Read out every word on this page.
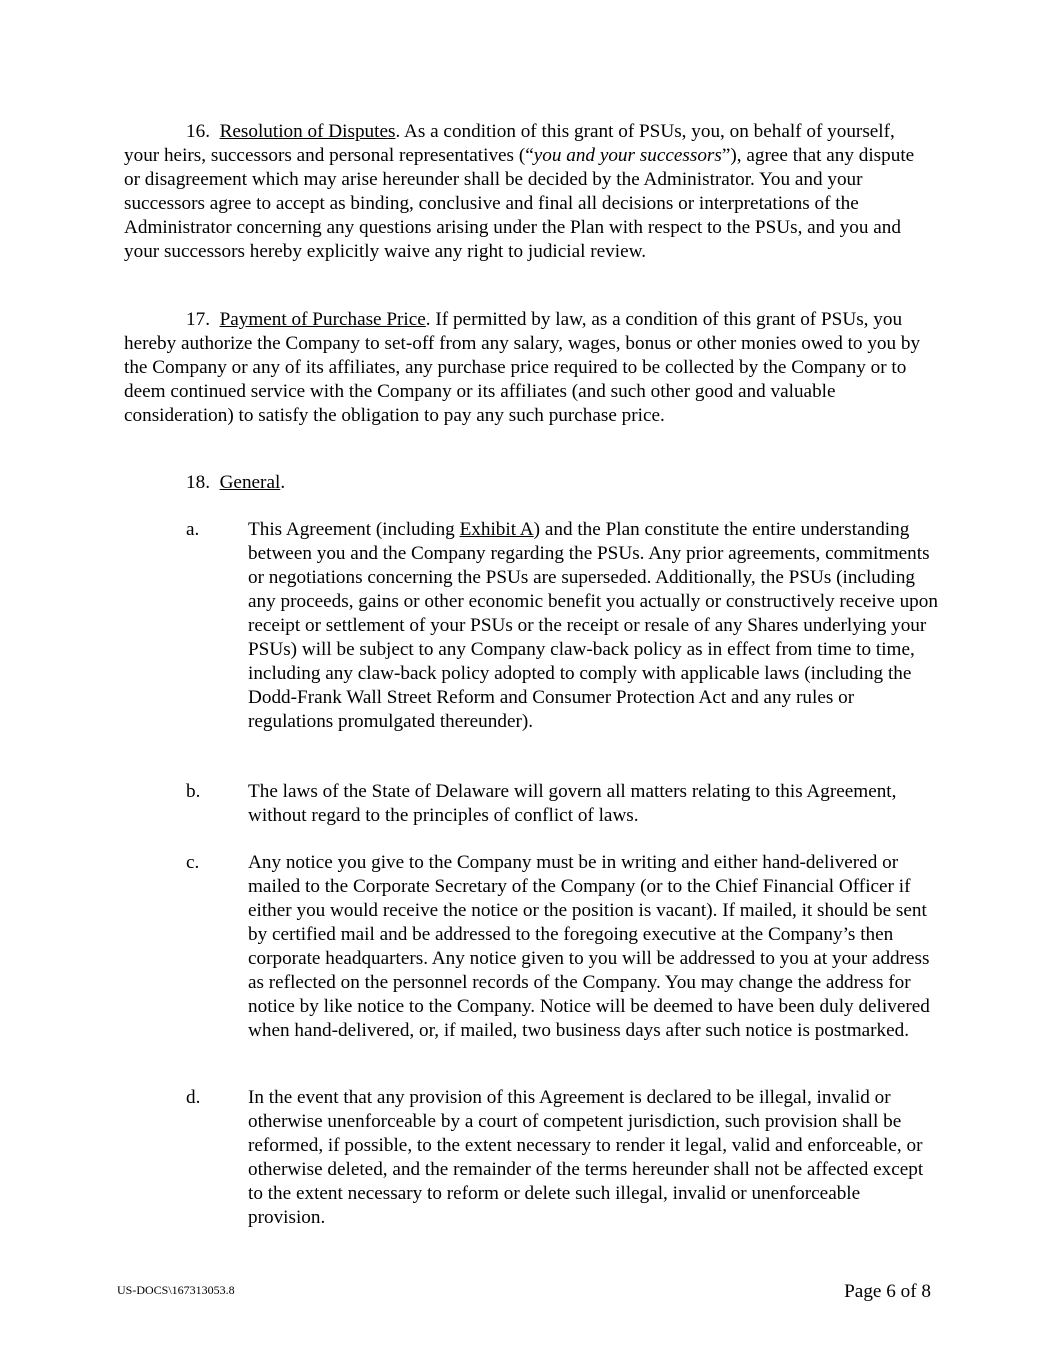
16. Resolution of Disputes. As a condition of this grant of PSUs, you, on behalf of yourself, your heirs, successors and personal representatives (“you and your successors”), agree that any dispute or disagreement which may arise hereunder shall be decided by the Administrator. You and your successors agree to accept as binding, conclusive and final all decisions or interpretations of the Administrator concerning any questions arising under the Plan with respect to the PSUs, and you and your successors hereby explicitly waive any right to judicial review.

17. Payment of Purchase Price. If permitted by law, as a condition of this grant of PSUs, you hereby authorize the Company to set-off from any salary, wages, bonus or other monies owed to you by the Company or any of its affiliates, any purchase price required to be collected by the Company or to deem continued service with the Company or its affiliates (and such other good and valuable consideration) to satisfy the obligation to pay any such purchase price.

18. General.
a.	This Agreement (including Exhibit A) and the Plan constitute the entire understanding between you and the Company regarding the PSUs. Any prior agreements, commitments or negotiations concerning the PSUs are superseded. Additionally, the PSUs (including any proceeds, gains or other economic benefit you actually or constructively receive upon receipt or settlement of your PSUs or the receipt or resale of any Shares underlying your PSUs) will be subject to any Company claw-back policy as in effect from time to time, including any claw-back policy adopted to comply with applicable laws (including the Dodd-Frank Wall Street Reform and Consumer Protection Act and any rules or regulations promulgated thereunder).

b. The laws of the State of Delaware will govern all matters relating to this Agreement, without regard to the principles of conflict of laws.

c.	Any notice you give to the Company must be in writing and either hand-delivered or mailed to the Corporate Secretary of the Company (or to the Chief Financial Officer if either you would receive the notice or the position is vacant). If mailed, it should be sent by certified mail and be addressed to the foregoing executive at the Company’s then corporate headquarters. Any notice given to you will be addressed to you at your address as reflected on the personnel records of the Company. You may change the address for notice by like notice to the Company. Notice will be deemed to have been duly delivered when hand-delivered, or, if mailed, two business days after such notice is postmarked.

d. In the event that any provision of this Agreement is declared to be illegal, invalid or otherwise unenforceable by a court of competent jurisdiction, such provision shall be reformed, if possible, to the extent necessary to render it legal, valid and enforceable, or otherwise deleted, and the remainder of the terms hereunder shall not be affected except to the extent necessary to reform or delete such illegal, invalid or unenforceable provision.

US-DOCS\167313053.8	Page 6 of 8
